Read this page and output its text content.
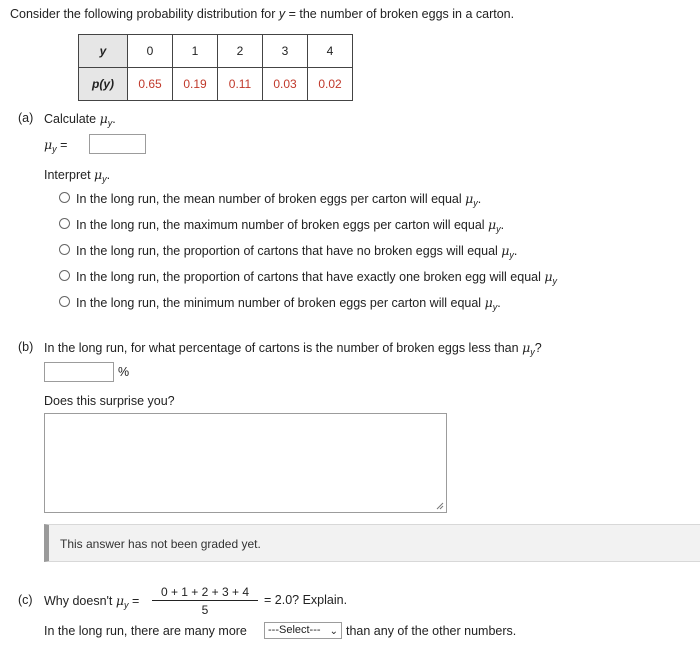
Consider the following probability distribution for y = the number of broken eggs in a carton.
y	0	1	2	3	4
p(y)	0.65	0.19	0.11	0.03	0.02
(a) Calculate $\mu_y$.
$\mu_y$ =
Interpret $\mu_y$.
In the long run, the mean number of broken eggs per carton will equal $\mu_y$.
In the long run, the maximum number of broken eggs per carton will equal $\mu_y$.
In the long run, the proportion of cartons that have no broken eggs will equal $\mu_y$.
In the long run, the proportion of cartons that have exactly one broken egg will equal $\mu_y$
In the long run, the minimum number of broken eggs per carton will equal $\mu_y$.
(b) In the long run, for what percentage of cartons is the number of broken eggs less than $\mu_y$?
%
Does this surprise you?
This answer has not been graded yet.
(c) Why doesn't $\mu_y$ =
0 + 1 + 2 + 3 + 4
5
= 2.0? Explain.
In the long run, there are many more	---Select--- ⌄ than any of the other numbers.
